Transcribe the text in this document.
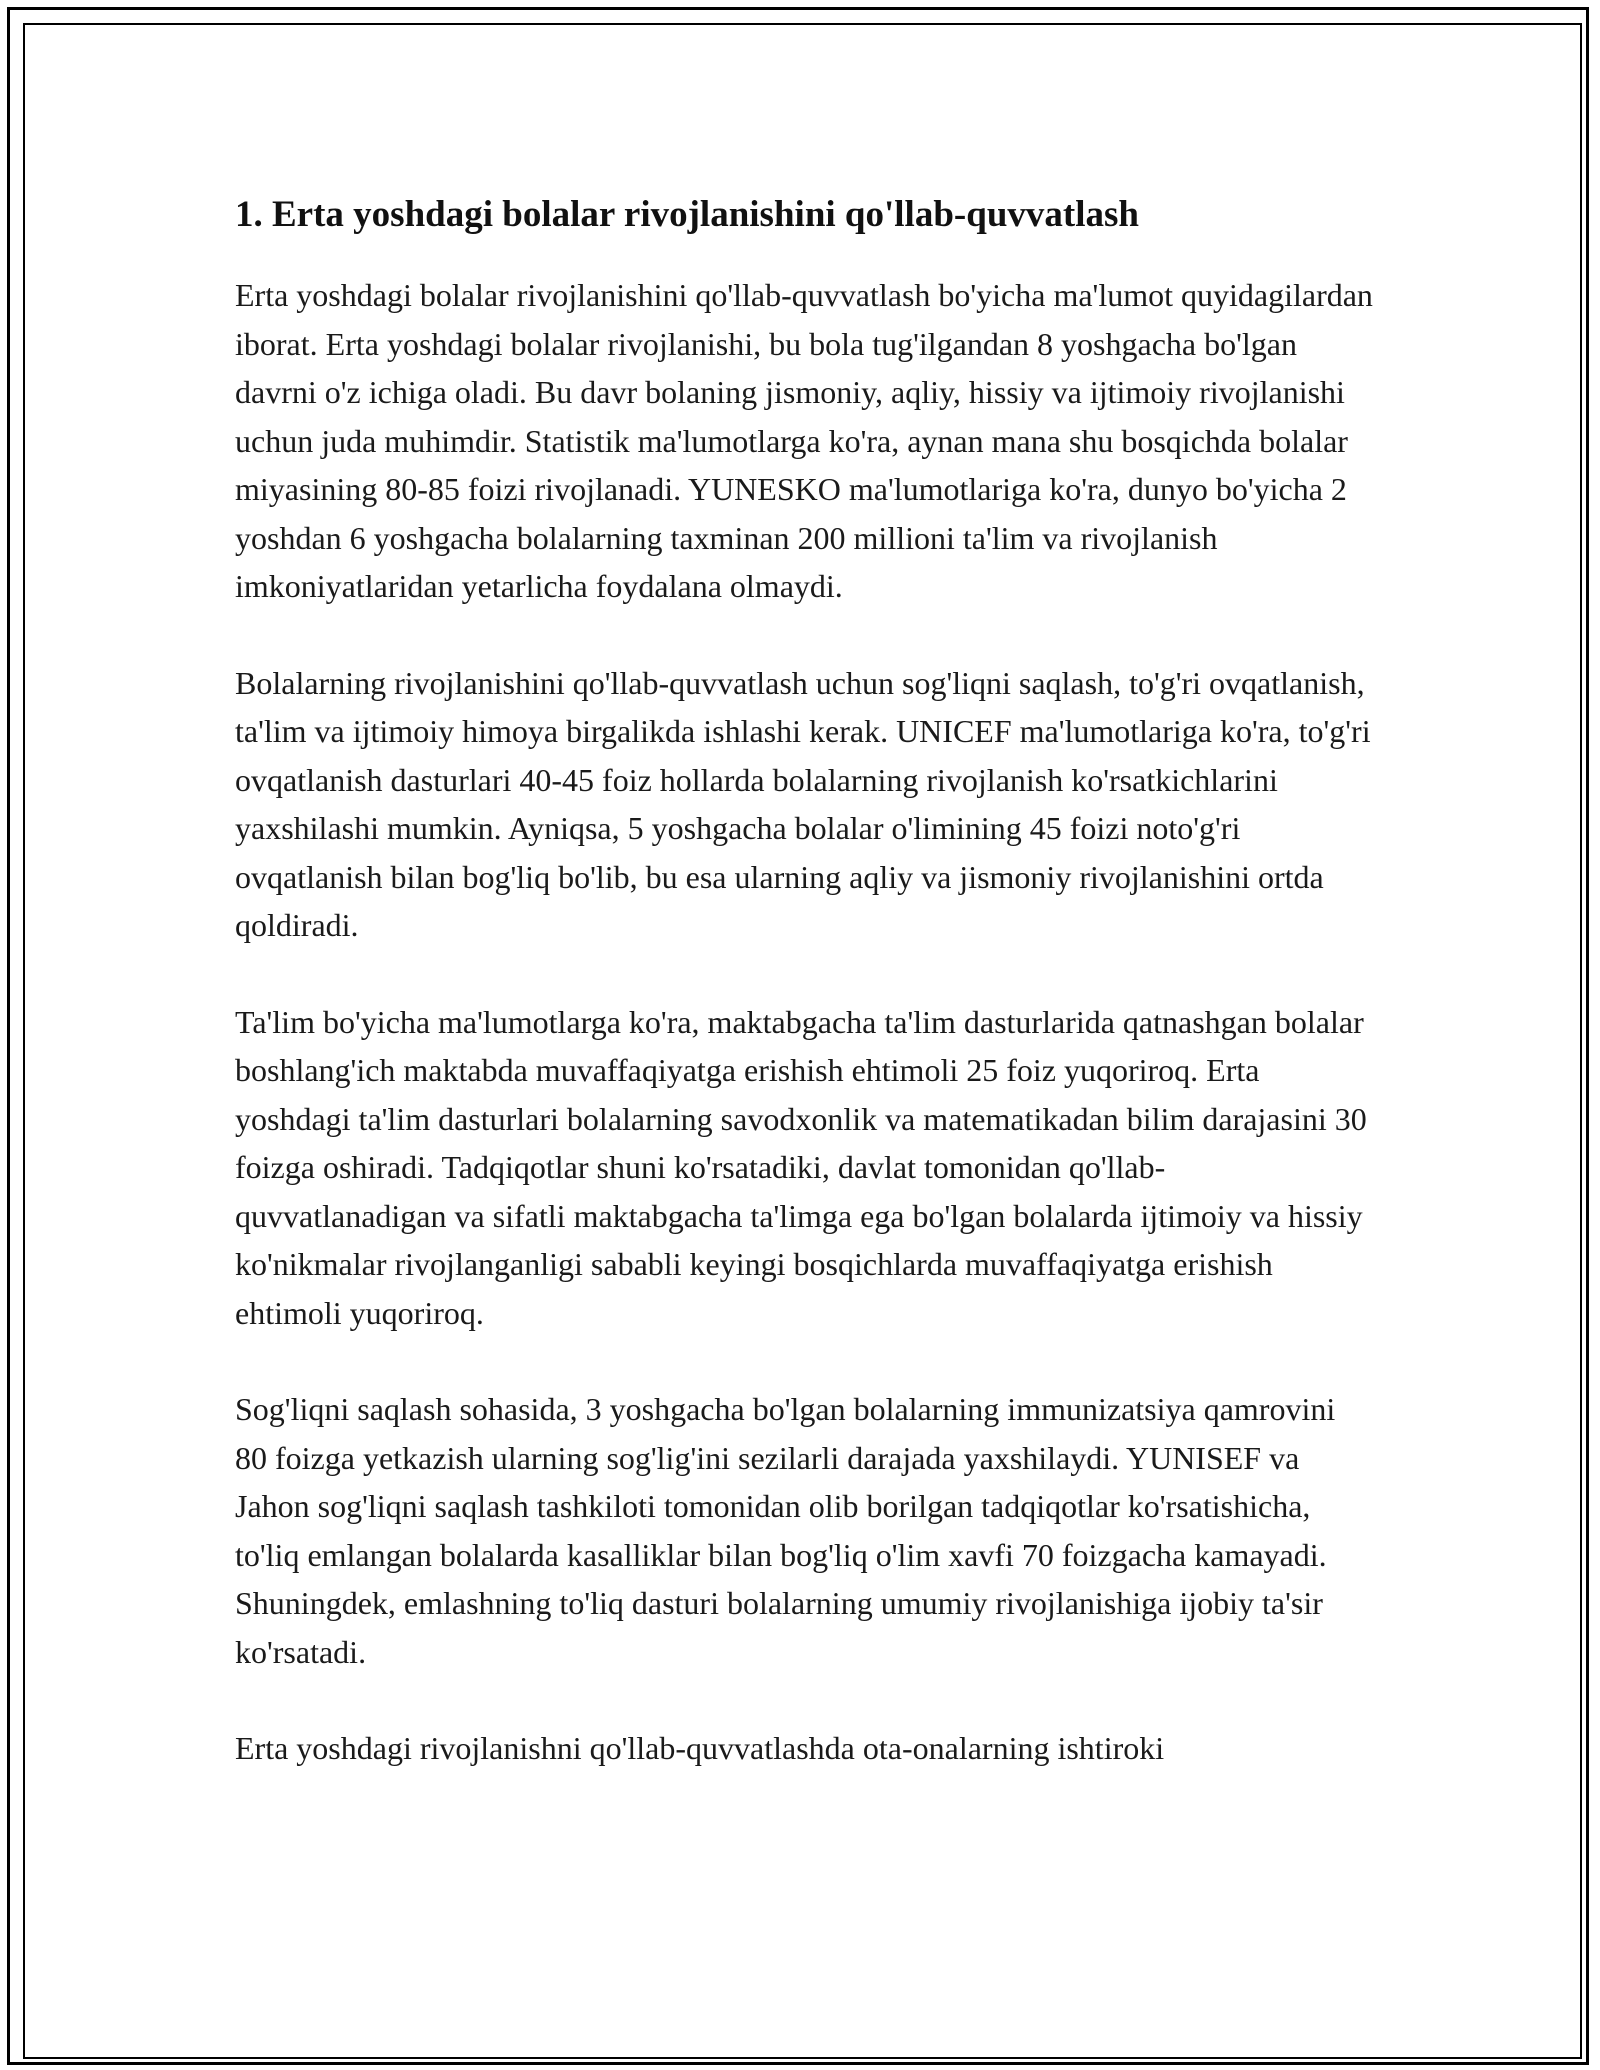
1. Erta yoshdagi bolalar rivojlanishini qo'llab-quvvatlash

Erta yoshdagi bolalar rivojlanishini qo'llab-quvvatlash bo'yicha ma'lumot quyidagilardan iborat. Erta yoshdagi bolalar rivojlanishi, bu bola tug'ilgandan 8 yoshgacha bo'lgan davrni o'z ichiga oladi. Bu davr bolaning jismoniy, aqliy, hissiy va ijtimoiy rivojlanishi uchun juda muhimdir. Statistik ma'lumotlarga ko'ra, aynan mana shu bosqichda bolalar miyasining 80-85 foizi rivojlanadi. YUNESKO ma'lumotlariga ko'ra, dunyo bo'yicha 2 yoshdan 6 yoshgacha bolalarning taxminan 200 millioni ta'lim va rivojlanish imkoniyatlaridan yetarlicha foydalana olmaydi.

Bolalarning rivojlanishini qo'llab-quvvatlash uchun sog'liqni saqlash, to'g'ri ovqatlanish, ta'lim va ijtimoiy himoya birgalikda ishlashi kerak. UNICEF ma'lumotlariga ko'ra, to'g'ri ovqatlanish dasturlari 40-45 foiz hollarda bolalarning rivojlanish ko'rsatkichlarini yaxshilashi mumkin. Ayniqsa, 5 yoshgacha bolalar o'limining 45 foizi noto'g'ri ovqatlanish bilan bog'liq bo'lib, bu esa ularning aqliy va jismoniy rivojlanishini ortda qoldiradi.

Ta'lim bo'yicha ma'lumotlarga ko'ra, maktabgacha ta'lim dasturlarida qatnashgan bolalar boshlang'ich maktabda muvaffaqiyatga erishish ehtimoli 25 foiz yuqoriroq. Erta yoshdagi ta'lim dasturlari bolalarning savodxonlik va matematikadan bilim darajasini 30 foizga oshiradi. Tadqiqotlar shuni ko'rsatadiki, davlat tomonidan qo'llab-quvvatlanadigan va sifatli maktabgacha ta'limga ega bo'lgan bolalarda ijtimoiy va hissiy ko'nikmalar rivojlanganligi sababli keyingi bosqichlarda muvaffaqiyatga erishish ehtimoli yuqoriroq.

Sog'liqni saqlash sohasida, 3 yoshgacha bo'lgan bolalarning immunizatsiya qamrovini 80 foizga yetkazish ularning sog'lig'ini sezilarli darajada yaxshilaydi. YUNISEF va Jahon sog'liqni saqlash tashkiloti tomonidan olib borilgan tadqiqotlar ko'rsatishicha, to'liq emlangan bolalarda kasalliklar bilan bog'liq o'lim xavfi 70 foizgacha kamayadi. Shuningdek, emlashning to'liq dasturi bolalarning umumiy rivojlanishiga ijobiy ta'sir ko'rsatadi.

Erta yoshdagi rivojlanishni qo'llab-quvvatlashda ota-onalarning ishtiroki
